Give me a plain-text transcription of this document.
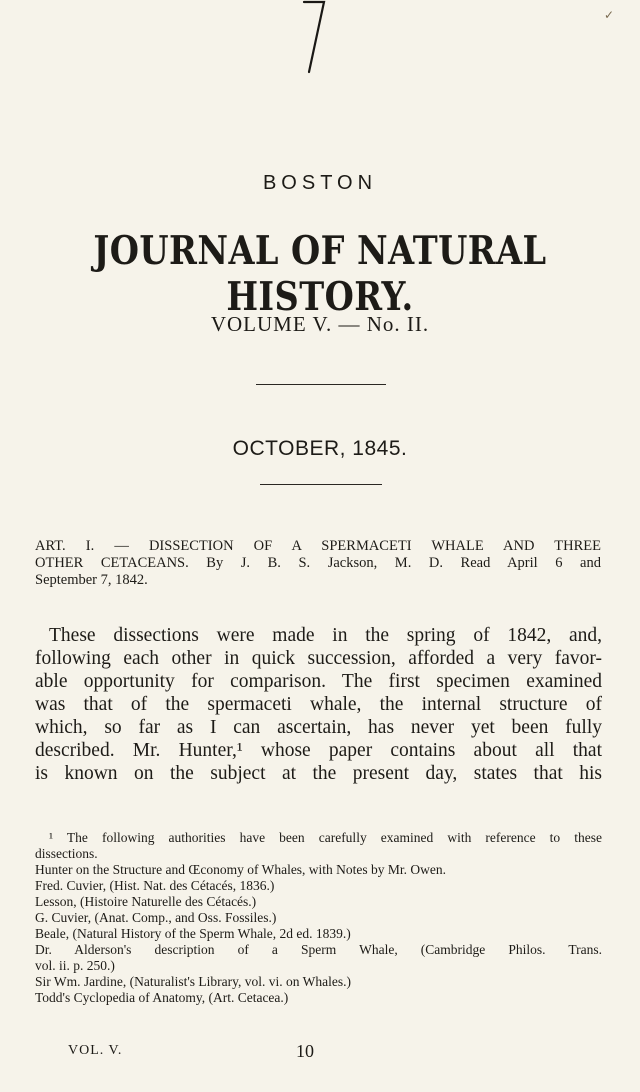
✓
BOSTON
JOURNAL OF NATURAL HISTORY.
VOLUME V. — No. II.
OCTOBER, 1845.
ART. I. — DISSECTION OF A SPERMACETI WHALE AND THREE
OTHER CETACEANS. By J. B. S. Jackson, M. D. Read April 6 and
September 7, 1842.
These dissections were made in the spring of 1842, and,
following each other in quick succession, afforded a very favor-
able opportunity for comparison. The first specimen examined
was that of the spermaceti whale, the internal structure of
which, so far as I can ascertain, has never yet been fully
described. Mr. Hunter,¹ whose paper contains about all that
is known on the subject at the present day, states that his
¹ The following authorities have been carefully examined with reference to these
dissections.
Hunter on the Structure and Œconomy of Whales, with Notes by Mr. Owen.
Fred. Cuvier, (Hist. Nat. des Cétacés, 1836.)
Lesson, (Histoire Naturelle des Cétacés.)
G. Cuvier, (Anat. Comp., and Oss. Fossiles.)
Beale, (Natural History of the Sperm Whale, 2d ed. 1839.)
Dr. Alderson's description of a Sperm Whale, (Cambridge Philos. Trans.
vol. ii. p. 250.)
Sir Wm. Jardine, (Naturalist's Library, vol. vi. on Whales.)
Todd's Cyclopedia of Anatomy, (Art. Cetacea.)
VOL. V.	10
